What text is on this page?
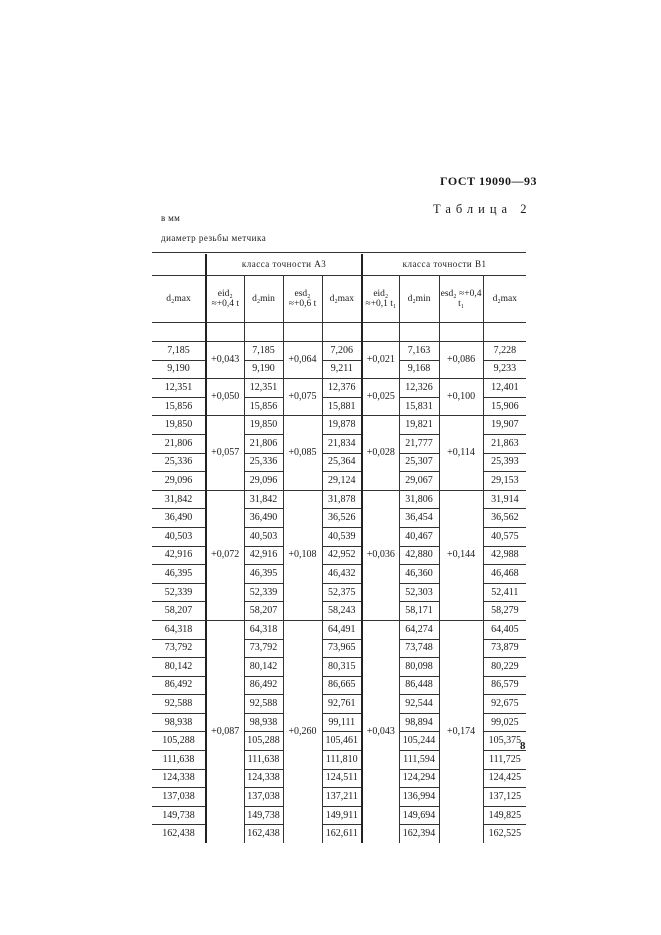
ГОСТ 19090—93
Таблица 2
в мм
диаметр резьбы метчика
	класса точности А3				класса точности В1			
d₂max	eid₂ ≈+0,4 t	d₂min	esd₂ ≈+0,6 t	d₂max	eid₂ ≈+0,1 t₁	d₂min	esd₂ ≈+0,4 t₁	d₂max

7,185	+0,043	7,185	+0,064	7,206	+0,021	7,163	+0,086	7,228
9,190		9,190		9,211		9,168		9,233
12,351	+0,050	12,351	+0,075	12,376	+0,025	12,326	+0,100	12,401
15,856		15,856		15,881		15,831		15,906
19,850	+0,057	19,850	+0,085	19,878	+0,028	19,821	+0,114	19,907
21,806		21,806		21,834		21,777		21,863
25,336		25,336		25,364		25,307		25,393
29,096		29,096		29,124		29,067		29,153
31,842	+0,072	31,842	+0,108	31,878	+0,036	31,806	+0,144	31,914
36,490		36,490		36,526		36,454		36,562
40,503		40,503		40,539		40,467		40,575
42,916		42,916		42,952		42,880		42,988
46,395		46,395		46,432		46,360		46,468
52,339		52,339		52,375		52,303		52,411
58,207		58,207		58,243		58,171		58,279
64,318	+0,087	64,318	+0,260	64,491	+0,043	64,274	+0,174	64,405
73,792		73,792		73,965		73,748		73,879
80,142		80,142		80,315		80,098		80,229
86,492		86,492		86,665		86,448		86,579
92,588		92,588		92,761		92,544		92,675
98,938		98,938		99,111		98,894		99,025
105,288		105,288		105,461		105,244		105,375
111,638		111,638		111,810		111,594		111,725
124,338		124,338		124,511		124,294		124,425
137,038		137,038		137,211		136,994		137,125
149,738		149,738		149,911		149,694		149,825
162,438		162,438		162,611		162,394		162,525
8
